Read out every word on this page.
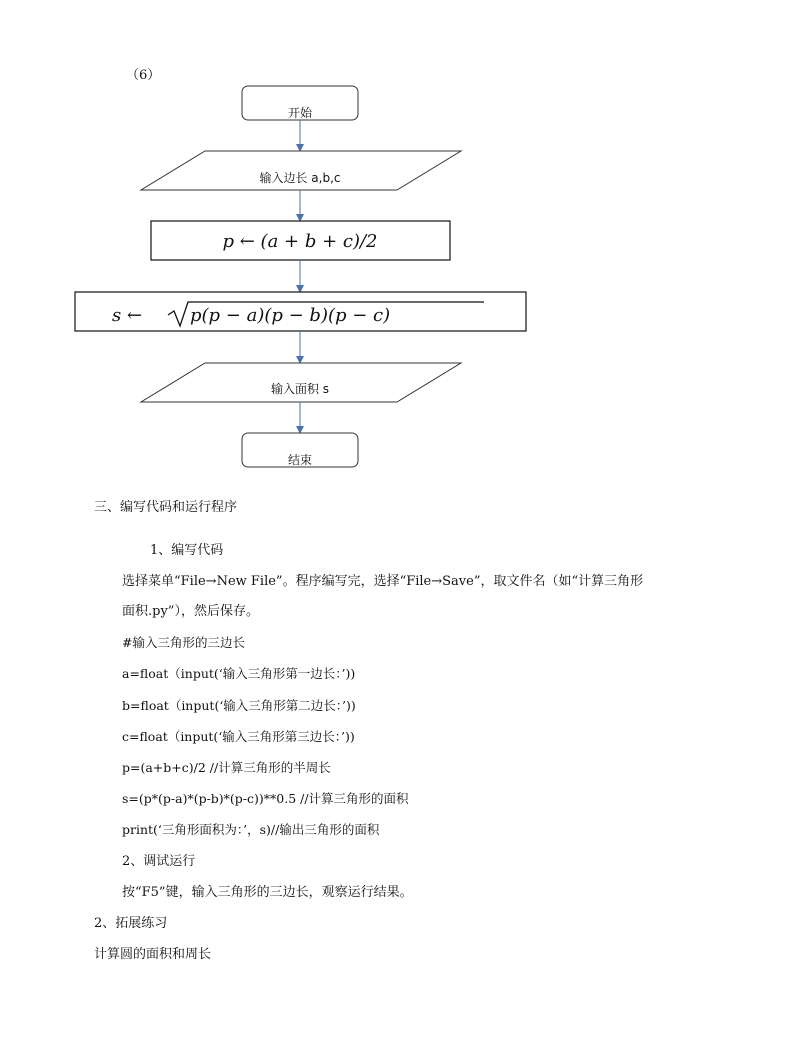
（6）
开始
输入边长 a,b,c
p ← (a + b + c)/2
s ←	p(p − a)(p − b)(p − c)
输入面积 s
结束
三、编写代码和运行程序
1、编写代码
选择菜单“File→New File”。程序编写完，选择“File→Save”，取文件名（如“计算三角形
面积.py”），然后保存。
#输入三角形的三边长
a=float（input(‘输入三角形第一边长：’))
b=float（input(‘输入三角形第二边长：’))
c=float（input(‘输入三角形第三边长：’))
p=(a+b+c)/2 //计算三角形的半周长
s=(p*(p-a)*(p-b)*(p-c))**0.5 //计算三角形的面积
print(‘三角形面积为：’，s)//输出三角形的面积
2、调试运行
按“F5”键，输入三角形的三边长，观察运行结果。
2、拓展练习
计算圆的面积和周长
